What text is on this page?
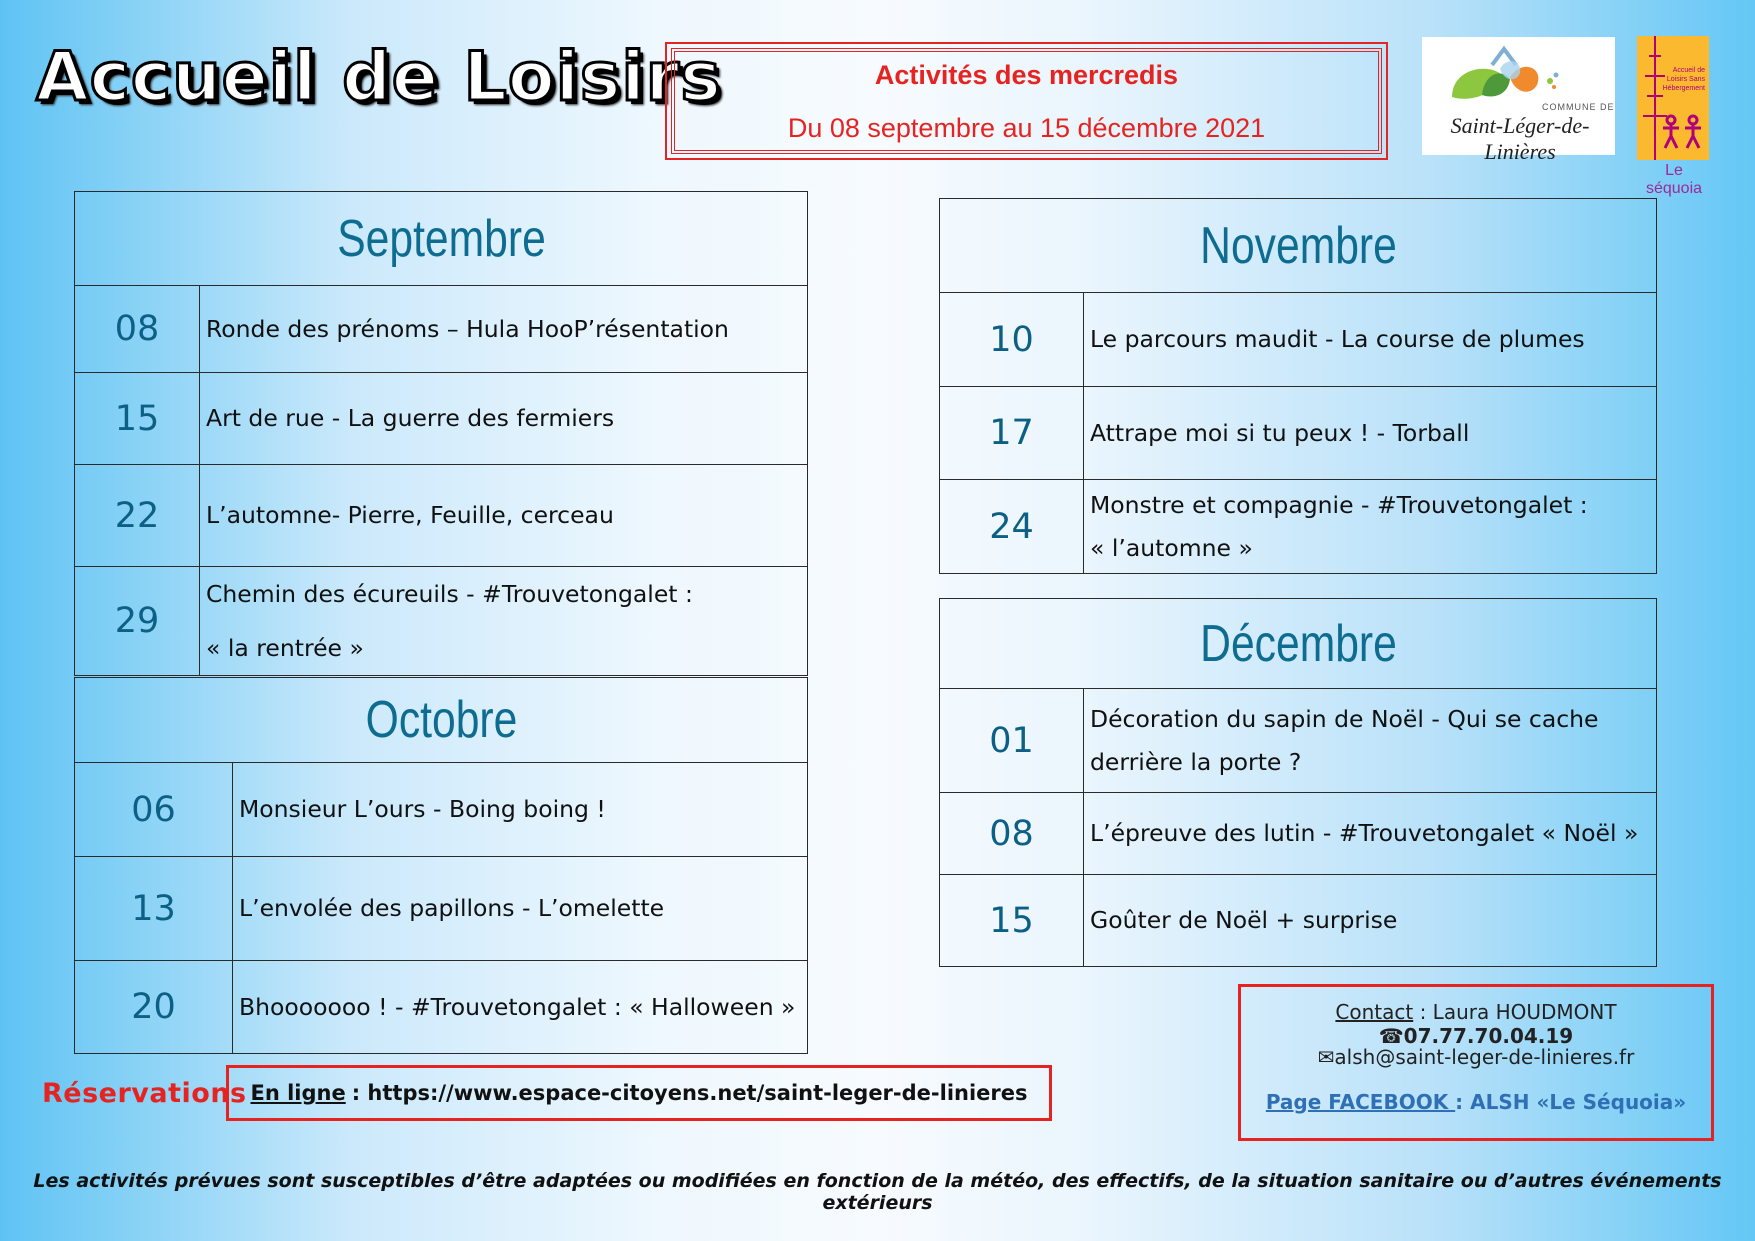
Accueil de Loisirs	Activités des mercredis
Du 08 septembre au 15 décembre 2021
COMMUNE DE
Saint-Léger-de-Linières
Accueil de Loisirs Sans Hébergement
Le séquoia
Septembre	
08	Ronde des prénoms – Hula HooP’résentation
15	Art de rue - La guerre des fermiers
22	L’automne- Pierre, Feuille, cerceau
29	Chemin des écureuils - #Trouvetongalet :
« la rentrée »
Octobre	
06	Monsieur L’ours - Boing boing !
13	L’envolée des papillons - L’omelette
20	Bhooooooo ! - #Trouvetongalet : « Halloween »
Novembre	
10	Le parcours maudit - La course de plumes
17	Attrape moi si tu peux ! - Torball
24	Monstre et compagnie - #Trouvetongalet :
« l’automne »
Décembre	
01	Décoration du sapin de Noël - Qui se cache
derrière la porte ?

08	L’épreuve des lutin - #Trouvetongalet « Noël »
15	Goûter de Noël + surprise
Réservations En ligne : https://www.espace-citoyens.net/saint-leger-de-linieres
Contact : Laura HOUDMONT ☎07.77.70.04.19
✉alsh@saint-leger-de-linieres.fr
Page FACEBOOK : ALSH «Le Séquoia»
Les activités prévues sont susceptibles d’être adaptées ou modifiées en fonction de la météo, des effectifs, de la situation sanitaire ou d’autres événements extérieurs
